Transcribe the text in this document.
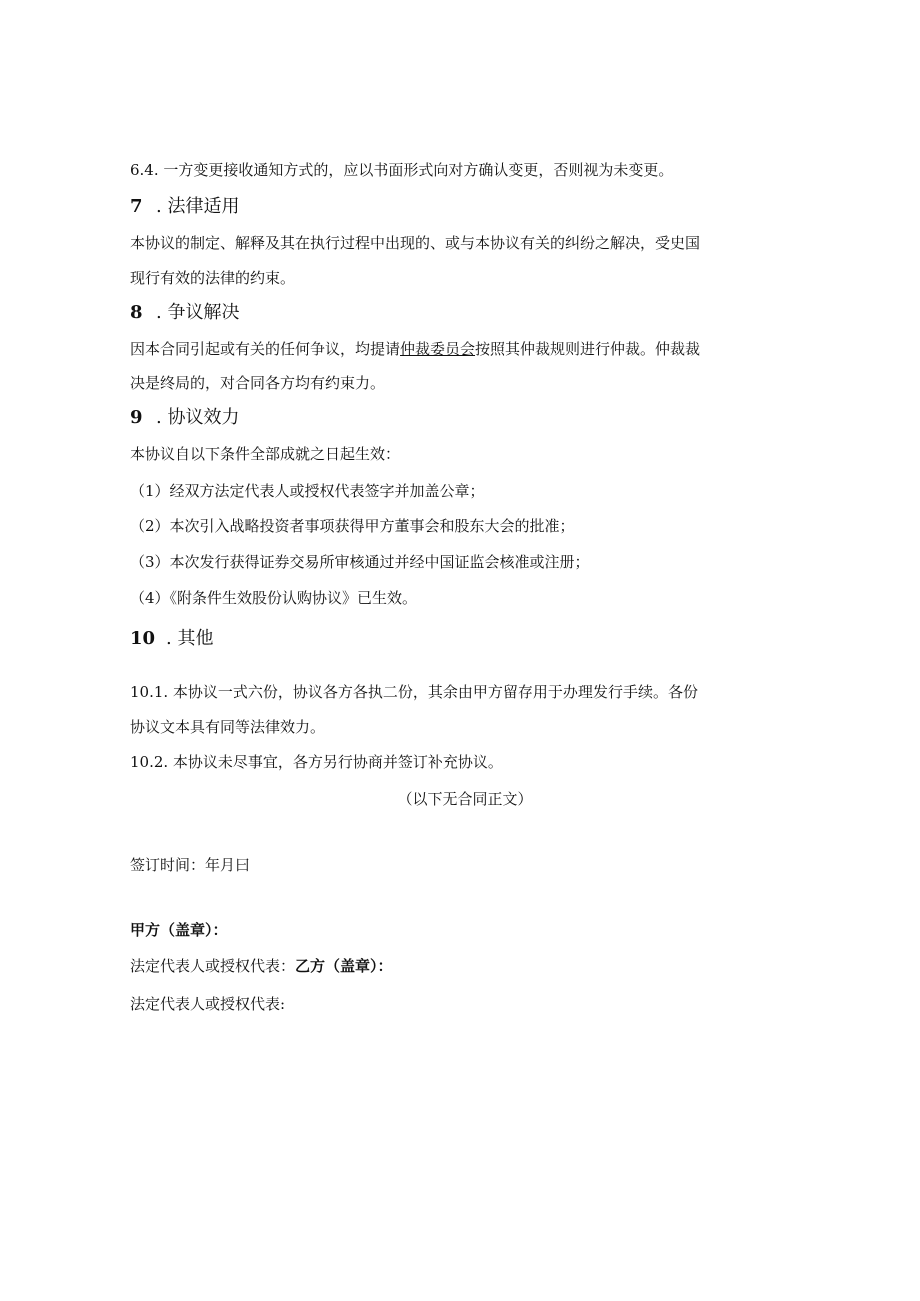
6.4. 一方变更接收通知方式的，应以书面形式向对方确认变更，否则视为未变更。
7 . 法律适用
本协议的制定、解释及其在执行过程中出现的、或与本协议有关的纠纷之解决，受史国
现行有效的法律的约束。
8 . 争议解决
因本合同引起或有关的任何争议，均提请仲裁委员会按照其仲裁规则进行仲裁。仲裁裁
决是终局的，对合同各方均有约束力。
9 . 协议效力
本协议自以下条件全部成就之日起生效：
（1）经双方法定代表人或授权代表签字并加盖公章；
（2）本次引入战略投资者事项获得甲方董事会和股东大会的批准；
（3）本次发行获得证券交易所审核通过并经中国证监会核准或注册；
（4）《附条件生效股份认购协议》已生效。
10 . 其他
10.1. 本协议一式六份，协议各方各执二份，其余由甲方留存用于办理发行手续。各份
协议文本具有同等法律效力。
10.2. 本协议未尽事宜，各方另行协商并签订补充协议。
（以下无合同正文）
签订时间：年月曰
甲方（盖章）：
法定代表人或授权代表：乙方（盖章）：
法定代表人或授权代表:
